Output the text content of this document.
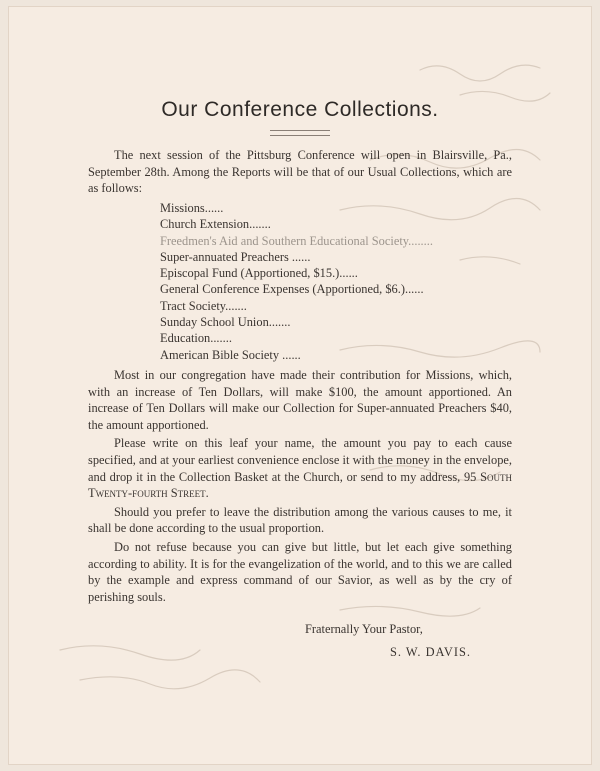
Our Conference Collections.

The next session of the Pittsburg Conference will open in Blairsville, Pa., September 28th. Among the Reports will be that of our Usual Collections, which are as follows:

Missions......
Church Extension.......
Freedmen's Aid and Southern Educational Society........
Super-annuated Preachers ......
Episcopal Fund (Apportioned, $15.)......
General Conference Expenses (Apportioned, $6.)......
Tract Society.......
Sunday School Union.......
Education.......
American Bible Society ......

Most in our congregation have made their contribution for Missions, which, with an increase of Ten Dollars, will make $100, the amount apportioned. An increase of Ten Dollars will make our Collection for Super-annuated Preachers $40, the amount apportioned.

Please write on this leaf your name, the amount you pay to each cause specified, and at your earliest convenience enclose it with the money in the envelope, and drop it in the Collection Basket at the Church, or send to my address, 95 South Twenty-fourth Street.

Should you prefer to leave the distribution among the various causes to me, it shall be done according to the usual proportion.

Do not refuse because you can give but little, but let each give something according to ability. It is for the evangelization of the world, and to this we are called by the example and express command of our Savior, as well as by the cry of perishing souls.

Fraternally Your Pastor,
S. W. DAVIS.
